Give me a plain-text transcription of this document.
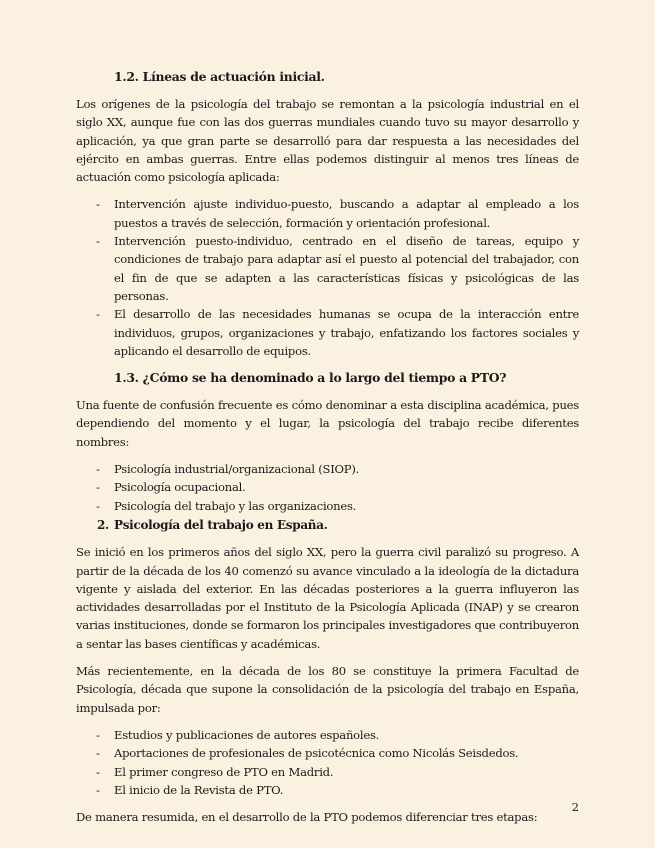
1.2. Líneas de actuación inicial.

Los orígenes de la psicología del trabajo se remontan a la psicología industrial en el siglo XX, aunque fue con las dos guerras mundiales cuando tuvo su mayor desarrollo y aplicación, ya que gran parte se desarrolló para dar respuesta a las necesidades del ejército en ambas guerras. Entre ellas podemos distinguir al menos tres líneas de actuación como psicología aplicada:

- Intervención ajuste individuo-puesto, buscando a adaptar al empleado a los puestos a través de selección, formación y orientación profesional.
- Intervención puesto-individuo, centrado en el diseño de tareas, equipo y condiciones de trabajo para adaptar así el puesto al potencial del trabajador, con el fin de que se adapten a las características físicas y psicológicas de las personas.
- El desarrollo de las necesidades humanas se ocupa de la interacción entre individuos, grupos, organizaciones y trabajo, enfatizando los factores sociales y aplicando el desarrollo de equipos.
1.3. ¿Cómo se ha denominado a lo largo del tiempo a PTO?

Una fuente de confusión frecuente es cómo denominar a esta disciplina académica, pues dependiendo del momento y el lugar, la psicología del trabajo recibe diferentes nombres:

- Psicología industrial/organizacional (SIOP).
- Psicología ocupacional.
- Psicología del trabajo y las organizaciones.
2. Psicología del trabajo en España.

Se inició en los primeros años del siglo XX, pero la guerra civil paralizó su progreso. A partir de la década de los 40 comenzó su avance vinculado a la ideología de la dictadura vigente y aislada del exterior. En las décadas posteriores a la guerra influyeron las actividades desarrolladas por el Instituto de la Psicología Aplicada (INAP) y se crearon varias instituciones, donde se formaron los principales investigadores que contribuyeron a sentar las bases científicas y académicas.

Más recientemente, en la década de los 80 se constituye la primera Facultad de Psicología, década que supone la consolidación de la psicología del trabajo en España, impulsada por:

- Estudios y publicaciones de autores españoles.
- Aportaciones de profesionales de psicotécnica como Nicolás Seisdedos.
- El primer congreso de PTO en Madrid.
- El inicio de la Revista de PTO.

De manera resumida, en el desarrollo de la PTO podemos diferenciar tres etapas:

2
